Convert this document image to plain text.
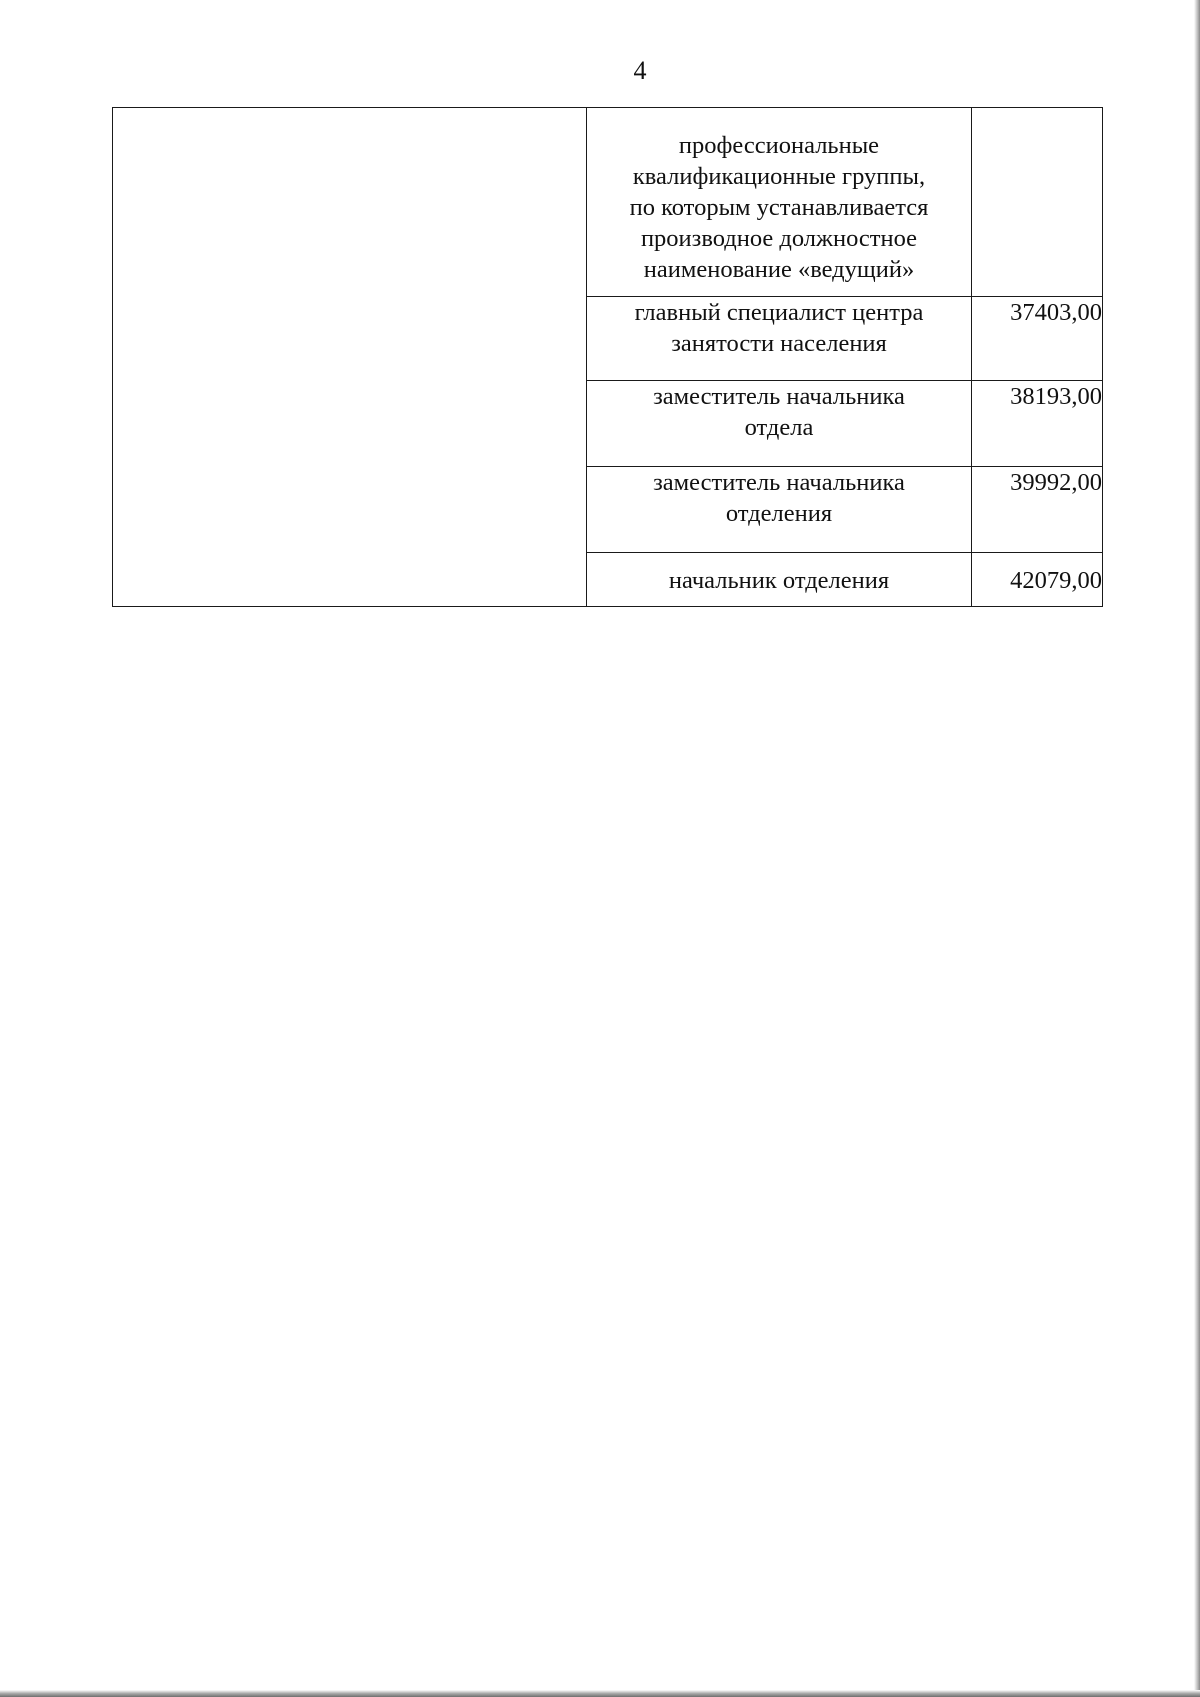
4

	профессиональные
квалификационные группы,
по которым устанавливается
производное должностное
наименование «ведущий»	

	главный специалист центра
занятости населения	37403,00

	заместитель начальника
отдела	38193,00

	заместитель начальника
отделения	39992,00

	начальник отделения	42079,00
